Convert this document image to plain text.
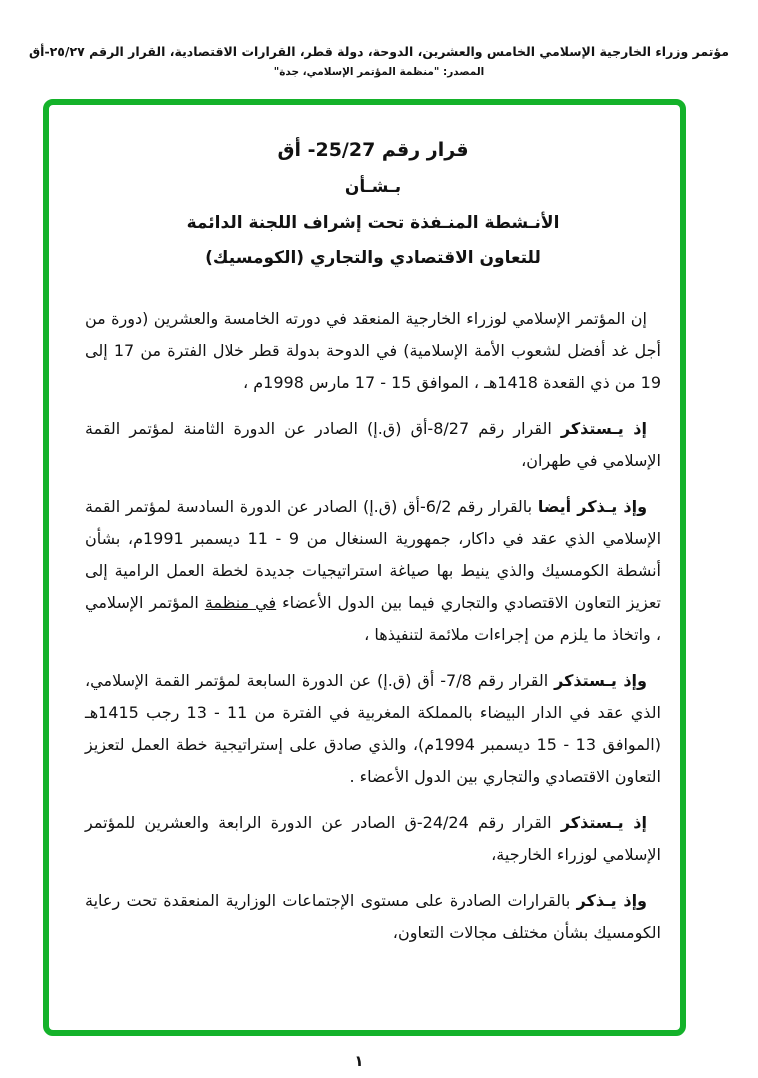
مؤتمر وزراء الخارجية الإسلامي الخامس والعشرين، الدوحة، دولة قطر، القرارات الاقتصادية، القرار الرقم ٢٥/٢٧-أق
المصدر: "منظمة المؤتمر الإسلامي، جدة"
قرار رقم 25/27- أق
بـشـأن
الأنـشطة المنـفذة تحت إشراف اللجنة الدائمة
للتعاون الاقتصادي والتجاري (الكومسيك)

إن المؤتمر الإسلامي لوزراء الخارجية المنعقد في دورته الخامسة والعشرين (دورة من أجل غد أفضل لشعوب الأمة الإسلامية) في الدوحة بدولة قطر خلال الفترة من 17 إلى 19 من ذي القعدة 1418هـ ، الموافق 15 - 17 مارس 1998م ،

إذ يـستذكر القرار رقم 8/27-أق (ق.إ) الصادر عن الدورة الثامنة لمؤتمر القمة الإسلامي في طهران،

وإذ يـذكر أيضا بالقرار رقم 6/2-أق (ق.إ) الصادر عن الدورة السادسة لمؤتمر القمة الإسلامي الذي عقد في داكار، جمهورية السنغال من 9 - 11 ديسمبر 1991م، بشأن أنشطة الكومسيك والذي ينيط بها صياغة استراتيجيات جديدة لخطة العمل الرامية إلى تعزيز التعاون الاقتصادي والتجاري فيما بين الدول الأعضاء في منظمة المؤتمر الإسلامي ، واتخاذ ما يلزم من إجراءات ملائمة لتنفيذها ،

وإذ يـستذكر القرار رقم 7/8- أق (ق.إ) عن الدورة السابعة لمؤتمر القمة الإسلامي، الذي عقد في الدار البيضاء بالمملكة المغربية في الفترة من 11 - 13 رجب 1415هـ (الموافق 13 - 15 ديسمبر 1994م)، والذي صادق على إستراتيجية خطة العمل لتعزيز التعاون الاقتصادي والتجاري بين الدول الأعضاء .

إذ يـستذكر القرار رقم 24/24-ق الصادر عن الدورة الرابعة والعشرين للمؤتمر الإسلامي لوزراء الخارجية،

وإذ يـذكر بالقرارات الصادرة على مستوى الإجتماعات الوزارية المنعقدة تحت رعاية الكومسيك بشأن مختلف مجالات التعاون،

١
